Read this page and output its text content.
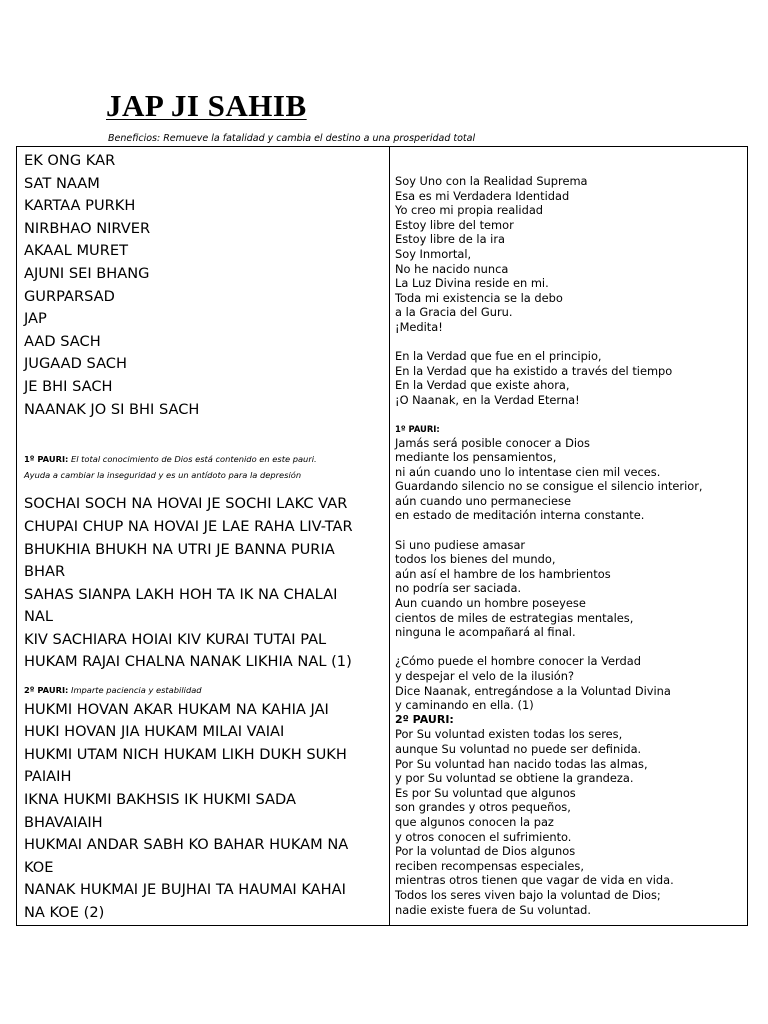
JAP JI SAHIB
Beneficios: Remueve la fatalidad y cambia el destino a una prosperidad total
EK ONG KAR
SAT NAAM
KARTAA PURKH
NIRBHAO NIRVER
AKAAL MURET
AJUNI SEI BHANG
GURPARSAD
JAP
AAD SACH
JUGAAD SACH
JE BHI SACH
NAANAK JO SI BHI SACH
1º PAURI: El total conocimiento de Dios está contenido en este pauri.
Ayuda a cambiar la inseguridad y es un antídoto para la depresión
SOCHAI SOCH NA HOVAI JE SOCHI LAKC VAR
CHUPAI CHUP NA HOVAI JE LAE RAHA LIV-TAR
BHUKHIA BHUKH NA UTRI JE BANNA PURIA
BHAR
SAHAS SIANPA LAKH HOH TA IK NA CHALAI
NAL
KIV SACHIARA HOIAI KIV KURAI TUTAI PAL
HUKAM RAJAI CHALNA NANAK LIKHIA NAL (1)
2º PAURI: Imparte paciencia y estabilidad
HUKMI HOVAN AKAR HUKAM NA KAHIA JAI
HUKI HOVAN JIA HUKAM MILAI VAIAI
HUKMI UTAM NICH HUKAM LIKH DUKH SUKH
PAIAIH
IKNA HUKMI BAKHSIS IK HUKMI SADA
BHAVAIAIH
HUKMAI ANDAR SABH KO BAHAR HUKAM NA
KOE
NANAK HUKMAI JE BUJHAI TA HAUMAI KAHAI
NA KOE (2)
Soy Uno con la Realidad Suprema
Esa es mi Verdadera Identidad
Yo creo mi propia realidad
Estoy libre del temor
Estoy libre de la ira
Soy Inmortal,
No he nacido nunca
La Luz Divina reside en mi.
Toda mi existencia se la debo
a la Gracia del Guru.
¡Medita!
En la Verdad que fue en el principio,
En la Verdad que ha existido a través del tiempo
En la Verdad que existe ahora,
¡O Naanak, en la Verdad Eterna!
1º PAURI:
Jamás será posible conocer a Dios
mediante los pensamientos,
ni aún cuando uno lo intentase cien mil veces.
Guardando silencio no se consigue el silencio interior,
aún cuando uno permaneciese
en estado de meditación interna constante.
Si uno pudiese amasar
todos los bienes del mundo,
aún así el hambre de los hambrientos
no podría ser saciada.
Aun cuando un hombre poseyese
cientos de miles de estrategias mentales,
ninguna le acompañará al final.
¿Cómo puede el hombre conocer la Verdad
y despejar el velo de la ilusión?
Dice Naanak, entregándose a la Voluntad Divina
y caminando en ella. (1)
2º PAURI:
Por Su voluntad existen todas los seres,
aunque Su voluntad no puede ser definida.
Por Su voluntad han nacido todas las almas,
y por Su voluntad se obtiene la grandeza.
Es por Su voluntad que algunos
son grandes y otros pequeños,
que algunos conocen la paz
y otros conocen el sufrimiento.
Por la voluntad de Dios algunos
reciben recompensas especiales,
mientras otros tienen que vagar de vida en vida.
Todos los seres viven bajo la voluntad de Dios;
nadie existe fuera de Su voluntad.
